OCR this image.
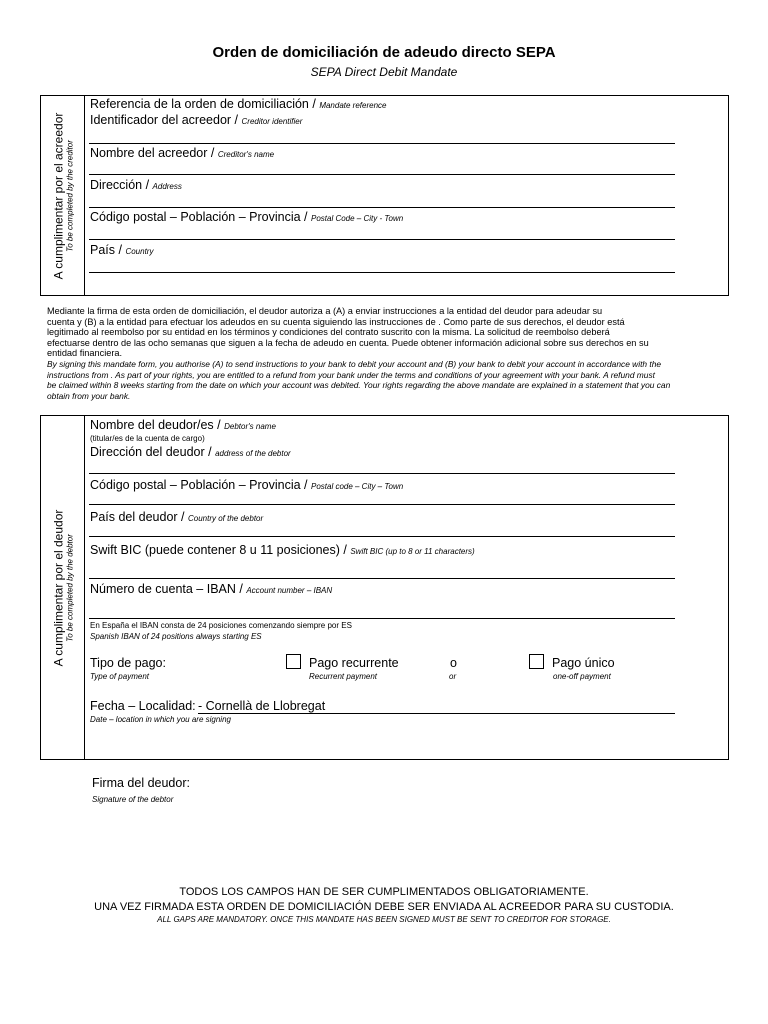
Orden de domiciliación de adeudo directo SEPA
SEPA Direct Debit Mandate
A cumplimentar por el acreedor To be completed by the creditor
Referencia de la orden de domiciliación / Mandate reference
Identificador del acreedor / Creditor identifier
Nombre del acreedor / Creditor's name
Dirección / Address
Código postal – Población – Provincia / Postal Code – City - Town
País / Country
Mediante la firma de esta orden de domiciliación, el deudor autoriza a (A) a enviar instrucciones a la entidad del deudor para adeudar su
cuenta y (B) a la entidad para efectuar los adeudos en su cuenta siguiendo las instrucciones de . Como parte de sus derechos, el deudor está
legitimado al reembolso por su entidad en los términos y condiciones del contrato suscrito con la misma. La solicitud de reembolso deberá
efectuarse dentro de las ocho semanas que siguen a la fecha de adeudo en cuenta. Puede obtener información adicional sobre sus derechos en su
entidad financiera.
By signing this mandate form, you authorise (A) to send instructions to your bank to debit your account and (B) your bank to debit your account in accordance with the
instructions from . As part of your rights, you are entitled to a refund from your bank under the terms and conditions of your agreement with your bank. A refund must
be claimed within 8 weeks starting from the date on which your account was debited. Your rights regarding the above mandate are explained in a statement that you can
obtain from your bank.
A cumplimentar por el deudor To be completed by the debtor
Nombre del deudor/es / Debtor's name
(titular/es de la cuenta de cargo)
Dirección del deudor / address of the debtor
Código postal – Población – Provincia / Postal code – City – Town
País del deudor / Country of the debtor
Swift BIC (puede contener 8 u 11 posiciones) / Swift BIC (up to 8 or 11 characters)
Número de cuenta – IBAN / Account number – IBAN
En España el IBAN consta de 24 posiciones comenzando siempre por ES
Spanish IBAN of 24 positions always starting ES
Tipo de pago:
Type of payment
Pago recurrente
Recurrent payment
o
or
Pago único
one-off payment
Fecha – Localidad: - Cornellà de Llobregat
Date – location in which you are signing
Firma del deudor:
Signature of the debtor
TODOS LOS CAMPOS HAN DE SER CUMPLIMENTADOS OBLIGATORIAMENTE.
UNA VEZ FIRMADA ESTA ORDEN DE DOMICILIACIÓN DEBE SER ENVIADA AL ACREEDOR PARA SU CUSTODIA.
ALL GAPS ARE MANDATORY. ONCE THIS MANDATE HAS BEEN SIGNED MUST BE SENT TO CREDITOR FOR STORAGE.
